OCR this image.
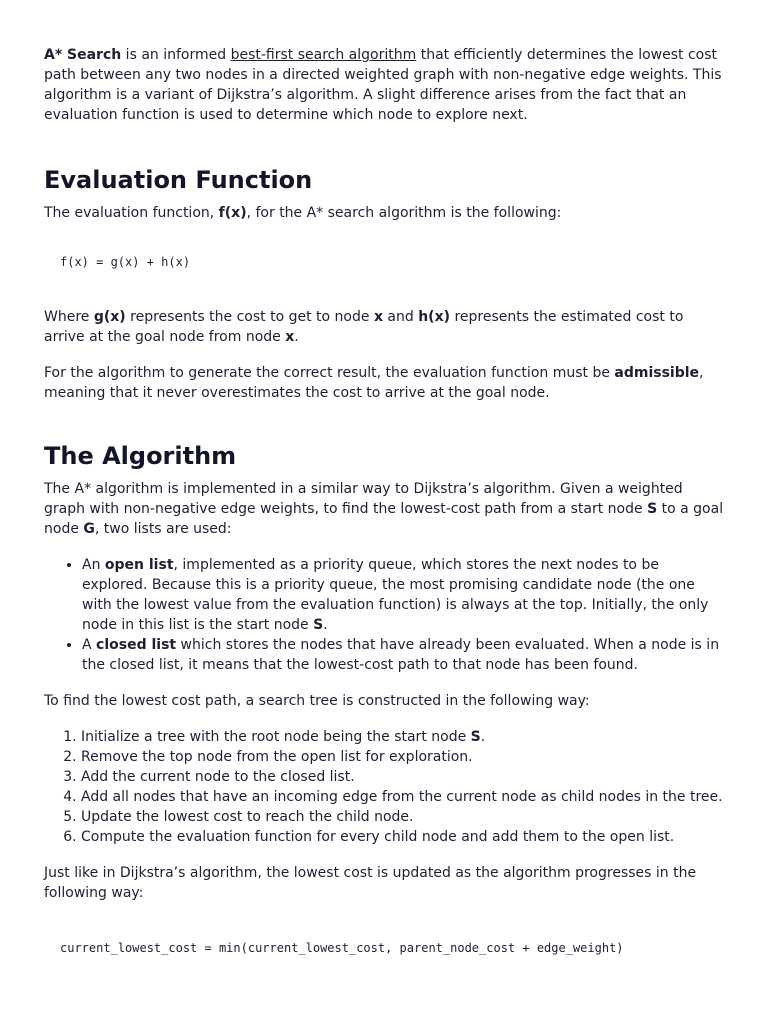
A* Search is an informed best-first search algorithm that efficiently determines the lowest cost path between any two nodes in a directed weighted graph with non-negative edge weights. This algorithm is a variant of Dijkstra’s algorithm. A slight difference arises from the fact that an evaluation function is used to determine which node to explore next.

Evaluation Function

The evaluation function, f(x), for the A* search algorithm is the following:

f(x) = g(x) + h(x)

Where g(x) represents the cost to get to node x and h(x) represents the estimated cost to arrive at the goal node from node x.

For the algorithm to generate the correct result, the evaluation function must be admissible, meaning that it never overestimates the cost to arrive at the goal node.

The Algorithm

The A* algorithm is implemented in a similar way to Dijkstra’s algorithm. Given a weighted graph with non-negative edge weights, to find the lowest-cost path from a start node S to a goal node G, two lists are used:

• An open list, implemented as a priority queue, which stores the next nodes to be explored. Because this is a priority queue, the most promising candidate node (the one with the lowest value from the evaluation function) is always at the top. Initially, the only node in this list is the start node S.
• A closed list which stores the nodes that have already been evaluated. When a node is in the closed list, it means that the lowest-cost path to that node has been found.

To find the lowest cost path, a search tree is constructed in the following way:

1. Initialize a tree with the root node being the start node S.
2. Remove the top node from the open list for exploration.
3. Add the current node to the closed list.
4. Add all nodes that have an incoming edge from the current node as child nodes in the tree.
5. Update the lowest cost to reach the child node.
6. Compute the evaluation function for every child node and add them to the open list.

Just like in Dijkstra’s algorithm, the lowest cost is updated as the algorithm progresses in the following way:

current_lowest_cost = min(current_lowest_cost, parent_node_cost + edge_weight)
